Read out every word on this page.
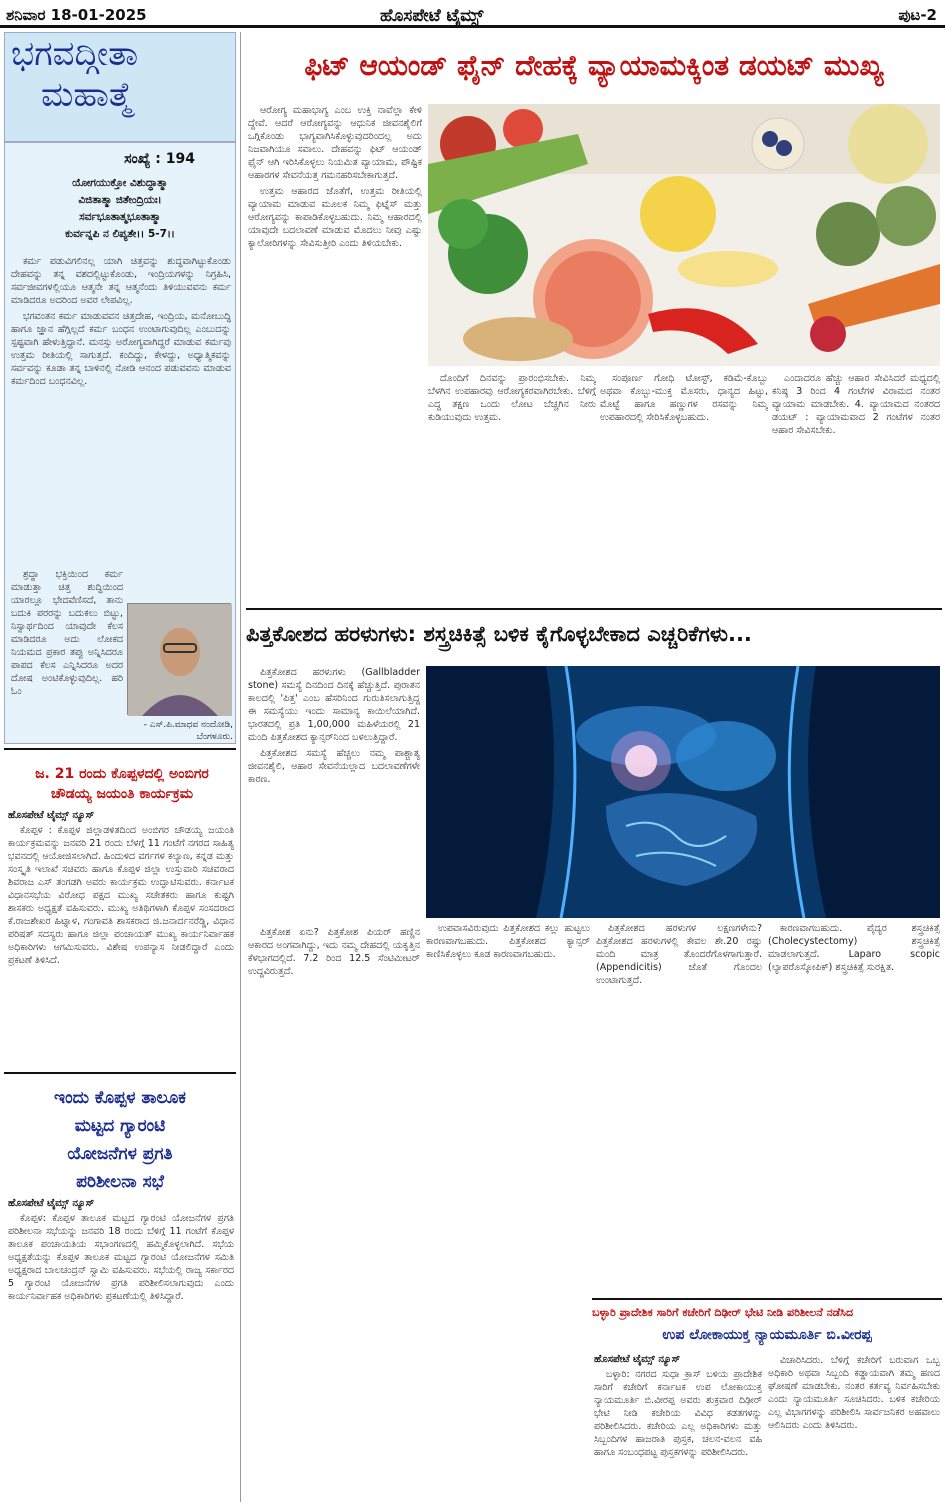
ಶನಿವಾರ 18-01-2025	ಹೊಸಪೇಟೆ ಟೈಮ್ಸ್	ಪುಟ-2
ಭಗವದ್ಗೀತಾ
ಮಹಾತ್ಮೆ
ಸಂಖ್ಯೆ : 194
ಯೋಗಯುಕ್ತೋ ವಿಶುದ್ಧಾತ್ಮಾ
ವಿಜಿತಾತ್ಮಾ ಜಿತೇಂದ್ರಿಯಃ।
ಸರ್ವಭೂತಾತ್ಮಭೂತಾತ್ಮಾ
ಕುರ್ವನ್ನಪಿ ನ ಲಿಪ್ಯತೇ।। 5-7।।

ಕರ್ಮ ಪಡುವಿಗಲಿನಲ್ಲ ಯಾಗಿ ಚಿತ್ತವನ್ನು ಶುದ್ಧವಾಗಿಟ್ಟುಕೊಂಡು ದೇಹವನ್ನು ತನ್ನ ವಶದಲ್ಲಿಟ್ಟುಕೊಂಡು, ಇಂದ್ರಿಯಗಳನ್ನು ನಿಗ್ರಹಿಸಿ, ಸರ್ವಜೀವಗಳಲ್ಲಿಯೂ ಆತ್ಮನೇ ತನ್ನ ಆತ್ಮನೆಂದು ತಿಳಿಯುವವನು ಕರ್ಮ ಮಾಡಿದರೂ ಅದರಿಂದ ಅವರ ಲೇಪವಿಲ್ಲ.

ಭಗವಂತನ ಕರ್ಮ ಮಾಡುವವನ ಚಿತ್ತದೇಹ, ಇಂದ್ರಿಯ, ಮನೋಬುದ್ಧಿ ಹಾಗೂ ಜ್ಞಾನ ಹೆಗ್ಗಿಲ್ಲದೆ ಕರ್ಮ ಬಂಧನ ಉಂಟಾಗುವುದಿಲ್ಲ ಎಂಬುದನ್ನು ಸ್ಪಷ್ಟವಾಗಿ ಹೇಳುತ್ತಿದ್ದಾನೆ. ಮನಸ್ಸು ಅರೋಗ್ಯವಾಗಿದ್ದರೆ ಮಾಡುವ ಕರ್ಮವು ಉತ್ತಮ ರೀತಿಯಲ್ಲಿ ಸಾಗುತ್ತದೆ. ಕಂದಿದ್ದು, ಕೇಳದ್ದು, ಅಧ್ಯಾತ್ಮಿಕವನ್ನು ಸರ್ವವನ್ನು ಕೂಡಾ ತನ್ನ ಬಾಳಿನಲ್ಲಿ ನೋಡಿ ಆನಂದ ಪಡುವವನು ಮಾಡುವ ಕರ್ಮದಿಂದ ಬಂಧನವಿಲ್ಲ.

ಶ್ರದ್ಧಾ ಭಕ್ತಿಯಿಂದ ಕರ್ಮ ಮಾಡುತ್ತಾ ಚಿತ್ತ ಶುದ್ಧಿಯಿಂದ ಯಾರಲ್ಲೂ ಭೇದವೆಣಿಸದೆ, ತಾನು ಬದುಕಿ ಪರರನ್ನು ಬದುಕಲು ಬಿಟ್ಟು, ನಿಸ್ವಾರ್ಥದಿಂದ ಯಾವುದೇ ಕೆಲಸ ಮಾಡಿದರೂ ಅದು ಲೋಕದ ನಿಯಮದ ಪ್ರಕಾರ ತಪ್ಪು ಅನ್ನಿಸಿದರೂ ಪಾಪದ ಕೆಲಸ ಎನ್ನಿಸಿದರೂ ಅದರ ದೋಷ ಅಂಟಿಕೊಳ್ಳುವುದಿಲ್ಲ. ಹರಿ ಓಂ

- ಎಸ್.ಪಿ.ಮಾಧವ ನಂದೋಡಿ, ಬೆಂಗಳೂರು.
ಜ. 21 ರಂದು ಕೊಪ್ಪಳದಲ್ಲಿ ಅಂಬಿಗರ
ಚೌಡಯ್ಯ ಜಯಂತಿ ಕಾರ್ಯಕ್ರಮ
ಹೊಸಪೇಟೆ ಟೈಮ್ಸ್ ನ್ಯೂಸ್

ಕೊಪ್ಪಳ : ಕೊಪ್ಪಳ ಜಿಲ್ಲಾಡಳಿತದಿಂದ ಅಂಬಿಗರ ಚೌಡಯ್ಯ ಜಯಂತಿ ಕಾರ್ಯಕ್ರಮವನ್ನು ಜನವರಿ 21 ರಂದು ಬೆಳಗ್ಗೆ 11 ಗಂಟೆಗೆ ನಗರದ ಸಾಹಿತ್ಯ ಭವನದಲ್ಲಿ ಆಯೋಜಿಸಲಾಗಿದೆ. ಹಿಂದುಳಿದ ವರ್ಗಗಳ ಕಲ್ಯಾಣ, ಕನ್ನಡ ಮತ್ತು ಸಂಸ್ಕೃತಿ ಇಲಾಖೆ ಸಚಿವರು ಹಾಗೂ ಕೊಪ್ಪಳ ಜಿಲ್ಲಾ ಉಸ್ತುವಾರಿ ಸಚಿವರಾದ ಶಿವರಾಜ ಎಸ್ ತಂಗಡಗಿ ಅವರು ಕಾರ್ಯಕ್ರಮ ಉದ್ಘಾಟಿಸುವರು. ಕರ್ನಾಟಕ ವಿಧಾನಸಭೆಯ ವಿರೋಧ ಪಕ್ಷದ ಮುಖ್ಯ ಸಚೇತಕರು ಹಾಗೂ ಕುಷ್ಟಗಿ ಶಾಸಕರು ಅಧ್ಯಕ್ಷತೆ ವಹಿಸುವರು. ಮುಖ್ಯ ಅತಿಥಿಗಳಾಗಿ ಕೊಪ್ಪಳ ಸಂಸದರಾದ ಕೆ.ರಾಜಶೇಖರ ಹಿಟ್ನಾಳ, ಗಂಗಾವತಿ ಶಾಸಕರಾದ ಜಿ.ಜನಾರ್ದನರೆಡ್ಡಿ, ವಿಧಾನ ಪರಿಷತ್ ಸದಸ್ಯರು ಹಾಗೂ ಜಿಲ್ಲಾ ಪಂಚಾಯತ್ ಮುಖ್ಯ ಕಾರ್ಯನಿರ್ವಾಹಕ ಅಧಿಕಾರಿಗಳು ಆಗಮಿಸುವರು. ವಿಶೇಷ ಉಪನ್ಯಾಸ ನೀಡಲಿದ್ದಾರೆ ಎಂದು ಪ್ರಕಟಣೆ ತಿಳಿಸಿದೆ.

ಇಂದು ಕೊಪ್ಪಳ ತಾಲೂಕ
ಮಟ್ಟದ ಗ್ಯಾರಂಟಿ
ಯೋಜನೆಗಳ ಪ್ರಗತಿ
ಪರಿಶೀಲನಾ ಸಭೆ
ಹೊಸಪೇಟೆ ಟೈಮ್ಸ್ ನ್ಯೂಸ್

ಕೊಪ್ಪಳ: ಕೊಪ್ಪಳ ತಾಲೂಕ ಮಟ್ಟದ ಗ್ಯಾರಂಟಿ ಯೋಜನೆಗಳ ಪ್ರಗತಿ ಪರಿಶೀಲನಾ ಸಭೆಯನ್ನು ಜನವರಿ 18 ರಂದು ಬೆಳಿಗ್ಗೆ 11 ಗಂಟೆಗೆ ಕೊಪ್ಪಳ ತಾಲೂಕ ಪಂಚಾಯತಿಯ ಸಭಾಂಗಣದಲ್ಲಿ ಹಮ್ಮಿಕೊಳ್ಳಲಾಗಿದೆ. ಸಭೆಯ ಅಧ್ಯಕ್ಷತೆಯನ್ನು ಕೊಪ್ಪಳ ತಾಲೂಕ ಮಟ್ಟದ ಗ್ಯಾರಂಟಿ ಯೋಜನೆಗಳ ಸಮಿತಿ ಅಧ್ಯಕ್ಷರಾದ ಬಾಲಚಂದ್ರನ್ ಸ್ವಾಮಿ ವಹಿಸುವರು. ಸಭೆಯಲ್ಲಿ ರಾಜ್ಯ ಸರ್ಕಾರದ 5 ಗ್ಯಾರಂಟಿ ಯೋಜನೆಗಳ ಪ್ರಗತಿ ಪರಿಶೀಲಿಸಲಾಗುವುದು ಎಂದು ಕಾರ್ಯನಿರ್ವಾಹಕ ಅಧಿಕಾರಿಗಳು ಪ್ರಕಟಣೆಯಲ್ಲಿ ತಿಳಿಸಿದ್ದಾರೆ.

ಫಿಟ್ ಆಯಂಡ್ ಫೈನ್ ದೇಹಕ್ಕೆ ವ್ಯಾಯಾಮಕ್ಕಿಂತ ಡಯಟ್ ಮುಖ್ಯ

ಆರೋಗ್ಯ ಮಹಾಭಾಗ್ಯ ಎಂಬ ಉಕ್ತಿ ನಾವೆಲ್ಲಾ ಕೇಳಿ ದ್ದೇವೆ. ಆದರೆ ಆರೋಗ್ಯವನ್ನು ಆಧುನಿಕ ಜೀವನಶೈಲಿಗೆ ಒಗ್ಗಿಕೊಂಡು ಭಾಗ್ಯವಾಗಿಸಿಕೊಳ್ಳುವುದರಿಂದಲ್ಲ ಅದು ನಿಜವಾಗಿಯೂ ಸವಾಲು. ದೇಹವನ್ನು ಫಿಟ್ ಆಯಂಡ್ ಫೈನ್ ಆಗಿ ಇರಿಸಿಕೊಳ್ಳಲು ನಿಯಮಿತ ವ್ಯಾಯಾಮ, ಪೌಷ್ಟಿಕ ಆಹಾರಗಳ ಸೇವನೆಯತ್ತ ಗಮನಹರಿಸಬೇಕಾಗುತ್ತದೆ.

ಉತ್ತಮ ಆಹಾರದ ಜೊತೆಗೆ, ಉತ್ತಮ ರೀತಿಯಲ್ಲಿ ವ್ಯಾಯಾಮ ಮಾಡುವ ಮೂಲಕ ನಿಮ್ಮ ಫಿಟ್ನೆಸ್ ಮತ್ತು ಆರೋಗ್ಯವನ್ನು ಕಾಪಾಡಿಕೊಳ್ಳಬಹುದು. ನಿಮ್ಮ ಆಹಾರದಲ್ಲಿ ಯಾವುದೇ ಬದಲಾವಣೆ ಮಾಡುವ ಮೊದಲು ನೀವು ಎಷ್ಟು ಕ್ಯಾಲೋರಿಗಳನ್ನು ಸೇವಿಸುತ್ತೀರಿ ಎಂದು ತಿಳಿಯಬೇಕು.

ದೊಂದಿಗೆ ದಿನವನ್ನು ಪ್ರಾರಂಭಿಸಬೇಕು. ನಿಮ್ಮ ಬೆಳಗಿನ ಉಪಹಾರವು ಆರೋಗ್ಯಕರವಾಗಿರಬೇಕು. ಬೆಳಿಗ್ಗೆ ಎದ್ದ ತಕ್ಷಣ ಒಂದು ಲೋಟ ಬೆಚ್ಚಗಿನ ನೀರು ಕುಡಿಯುವುದು ಉತ್ತಮ.

ಸಂಪೂರ್ಣ ಗೋಧಿ ಟೋಸ್ಟ್, ಕಡಿಮೆ-ಕೊಬ್ಬು ಅಥವಾ ಕೊಬ್ಬು-ಮುಕ್ತ ಮೊಸರು, ಧಾನ್ಯದ ಹಿಟ್ಟು, ಮೊಟ್ಟೆ ಹಾಗೂ ಹಣ್ಣುಗಳ ರಸವನ್ನು ನಿಮ್ಮ ಉಪಹಾರದಲ್ಲಿ ಸೇರಿಸಿಕೊಳ್ಳಬಹುದು.

ಎಂದಾದರೂ ಹೆಚ್ಚು ಆಹಾರ ಸೇವಿಸಿದರೆ ಮಧ್ಯದಲ್ಲಿ ಕನಿಷ್ಠ 3 ರಿಂದ 4 ಗಂಟೆಗಳ ವಿರಾಮದ ನಂತರ ವ್ಯಾಯಾಮ ಮಾಡಬೇಕು. 4. ವ್ಯಾಯಾಮದ ನಂತರದ ಡಯಟ್ : ವ್ಯಾಯಾಮವಾದ 2 ಗಂಟೆಗಳ ನಂತರ ಆಹಾರ ಸೇವಿಸಬೇಕು.

ಪಿತ್ತಕೋಶದ ಹರಳುಗಳು: ಶಸ್ತ್ರಚಿಕಿತ್ಸೆ ಬಳಿಕ ಕೈಗೊಳ್ಳಬೇಕಾದ ಎಚ್ಚರಿಕೆಗಳು...

ಪಿತ್ತಕೋಶದ ಹರಳುಗಳು (Gallbladder stone) ಸಮಸ್ಯೆ ದಿನದಿಂದ ದಿನಕ್ಕೆ ಹೆಚ್ಚುತ್ತಿದೆ. ಪುರಾತನ ಕಾಲದಲ್ಲಿ 'ಪಿತ್ತ' ಎಂಬ ಹೆಸರಿನಿಂದ ಗುರುತಿಸಲಾಗುತ್ತಿದ್ದ ಈ ಸಮಸ್ಯೆಯು ಇಂದು ಸಾಮಾನ್ಯ ಕಾಯಿಲೆಯಾಗಿದೆ. ಭಾರತದಲ್ಲಿ ಪ್ರತಿ 1,00,000 ಮಹಿಳೆಯರಲ್ಲಿ 21 ಮಂದಿ ಪಿತ್ತಕೋಶದ ಕ್ಯಾನ್ಸರ್‌ನಿಂದ ಬಳಲುತ್ತಿದ್ದಾರೆ.

ಪಿತ್ತಕೋಶದ ಸಮಸ್ಯೆ ಹೆಚ್ಚಲು ನಮ್ಮ ಪಾಶ್ಚಾತ್ಯ ಜೀವನಶೈಲಿ, ಆಹಾರ ಸೇವನೆಯಲ್ಲಾದ ಬದಲಾವಣೆಗಳೇ ಕಾರಣ.

ಪಿತ್ತಕೋಶ ಏನು? ಪಿತ್ತಕೋಶ ಪಿಯರ್ ಹಣ್ಣಿನ ಆಕಾರದ ಅಂಗವಾಗಿದ್ದು, ಇದು ನಮ್ಮ ದೇಹದಲ್ಲಿ ಯಕೃತ್ತಿನ ಕೆಳಭಾಗದಲ್ಲಿದೆ. 7.2 ರಿಂದ 12.5 ಸೆಂಟಿಮೀಟರ್ ಉದ್ದವಿರುತ್ತದೆ.

ಉಪವಾಸವಿರುವುದು ಪಿತ್ತಕೋಶದ ಕಲ್ಲು ಹುಟ್ಟಲು ಕಾರಣವಾಗಬಹುದು. ಪಿತ್ತಕೋಶದ ಕ್ಯಾನ್ಸರ್ ಕಾಣಿಸಿಕೊಳ್ಳಲು ಕೂಡ ಕಾರಣವಾಗಬಹುದು.

ಪಿತ್ತಕೋಶದ ಹರಳುಗಳ ಲಕ್ಷಣಗಳೇನು? ಪಿತ್ತಕೋಶದ ಹರಳುಗಳಲ್ಲಿ ಕೇವಲ ಶೇ.20 ರಷ್ಟು ಮಂದಿ ಮಾತ್ರ ತೊಂದರೆಗೊಳಗಾಗುತ್ತಾರೆ. (Appendicitis) ಜೊತೆ ಗೊಂದಲ ಉಂಟಾಗುತ್ತದೆ.

ಕಾರಣವಾಗಬಹುದು. ಪೈದ್ಯರ ಶಸ್ತ್ರಚಿಕಿತ್ಸೆ (Cholecystectomy) ಶಸ್ತ್ರಚಿಕಿತ್ಸೆ ಮಾಡಲಾಗುತ್ತದೆ. Laparo scopic (ಲ್ಯಾಪರೊಸ್ಕೋಪಿಕ್) ಶಸ್ತ್ರಚಿಕಿತ್ಸೆ ಸುರಕ್ಷಿತ.

ಬಳ್ಳಾರಿ ಪ್ರಾದೇಶಿಕ ಸಾರಿಗೆ ಕಚೇರಿಗೆ ದಿಢೀರ್ ಭೇಟಿ ನೀಡಿ ಪರಿಶೀಲನೆ ನಡೆಸಿದ
ಉಪ ಲೋಕಾಯುಕ್ತ ನ್ಯಾಯಮೂರ್ತಿ ಬಿ.ವೀರಪ್ಪ
ಹೊಸಪೇಟೆ ಟೈಮ್ಸ್ ನ್ಯೂಸ್

ಬಳ್ಳಾರಿ: ನಗರದ ಸುಧಾ ಕ್ರಾಸ್ ಬಳಿಯ ಪ್ರಾದೇಶಿಕ ಸಾರಿಗೆ ಕಚೇರಿಗೆ ಕರ್ನಾಟಕ ಉಪ ಲೋಕಾಯುಕ್ತ ನ್ಯಾಯಮೂರ್ತಿ ಬಿ.ವೀರಪ್ಪ ಅವರು ಶುಕ್ರವಾರ ದಿಢೀರ್ ಭೇಟಿ ನೀಡಿ ಕಚೇರಿಯ ವಿವಿಧ ಕಡತಗಳನ್ನು ಪರಿಶೀಲಿಸಿದರು. ಕಚೇರಿಯ ಎಲ್ಲ ಅಧಿಕಾರಿಗಳು ಮತ್ತು ಸಿಬ್ಬಂದಿಗಳ ಹಾಜರಾತಿ ಪುಸ್ತಕ, ಚಲನ-ವಲನ ವಹಿ ಹಾಗೂ ಸಂಬಂಧಪಟ್ಟ ಪುಸ್ತಕಗಳನ್ನು ಪರಿಶೀಲಿಸಿದರು.

ವಿಚಾರಿಸಿದರು. ಬೆಳಿಗ್ಗೆ ಕಚೇರಿಗೆ ಬರುವಾಗ ಒಬ್ಬ ಅಧಿಕಾರಿ ಅಥವಾ ಸಿಬ್ಬಂದಿ ಕಡ್ಡಾಯವಾಗಿ ತಮ್ಮ ಹಣದ ಘೋಷಣೆ ಮಾಡಬೇಕು. ನಂತರ ಕರ್ತವ್ಯ ನಿರ್ವಹಿಸಬೇಕು ಎಂದು ನ್ಯಾಯಮೂರ್ತಿ ಸೂಚಿಸಿದರು. ಬಳಿಕ ಕಚೇರಿಯ ಎಲ್ಲ ವಿಭಾಗಗಳನ್ನು ಪರಿಶೀಲಿಸಿ ಸಾರ್ವಜನಿಕರ ಅಹವಾಲು ಆಲಿಸಿದರು ಎಂದು ತಿಳಿಸಿದರು.
